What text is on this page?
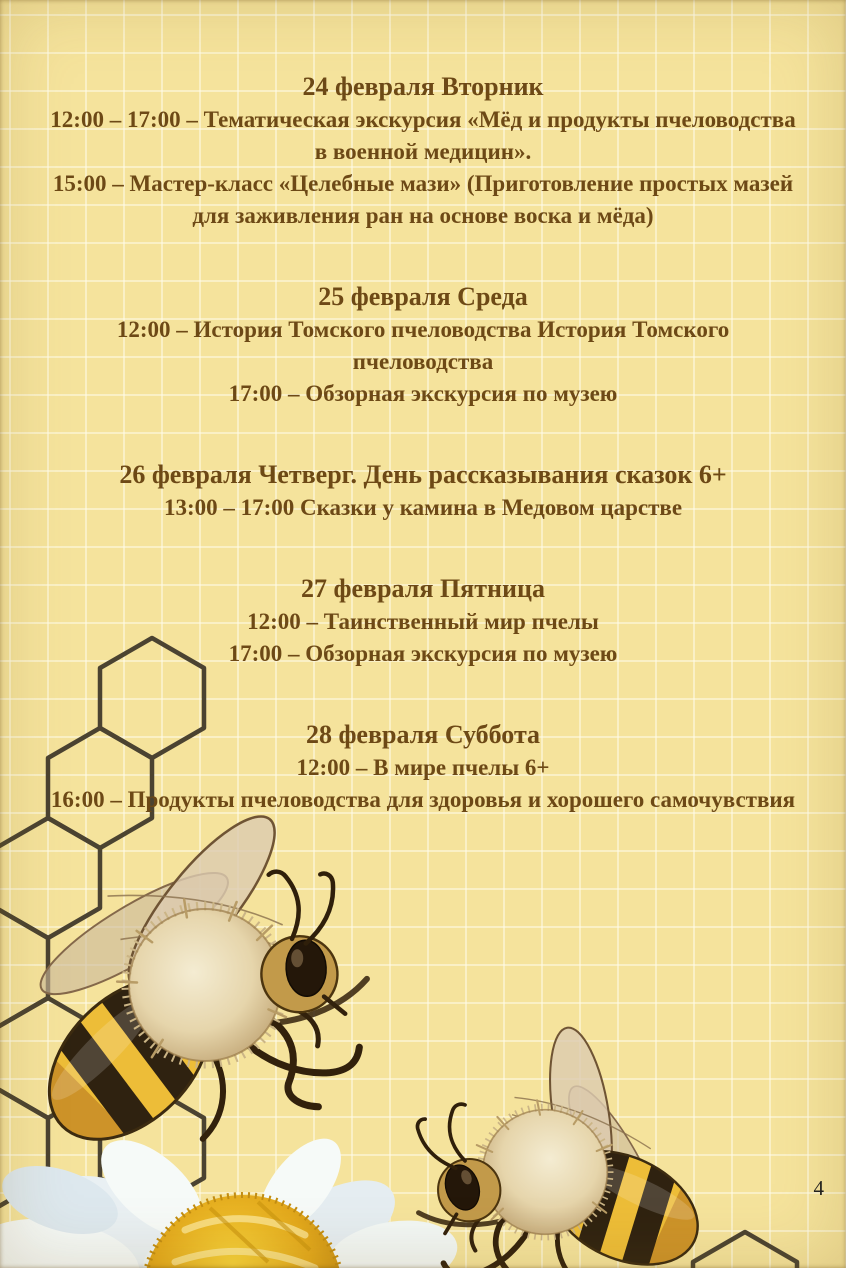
24 февраля Вторник

12:00 – 17:00 – Тематическая экскурсия «Мёд и продукты пчеловодства

в военной медицин».

15:00 – Мастер-класс «Целебные мази» (Приготовление простых мазей

для заживления ран на основе воска и мёда)

25 февраля Среда

12:00 – История Томского пчеловодства История Томского

пчеловодства

17:00 – Обзорная экскурсия по музею

26 февраля Четверг. День рассказывания сказок 6+

13:00 – 17:00 Сказки у камина в Медовом царстве

27 февраля Пятница

12:00 – Таинственный мир пчелы

17:00 – Обзорная экскурсия по музею

28 февраля Суббота

12:00 – В мире пчелы 6+

16:00 – Продукты пчеловодства для здоровья и хорошего самочувствия

4
